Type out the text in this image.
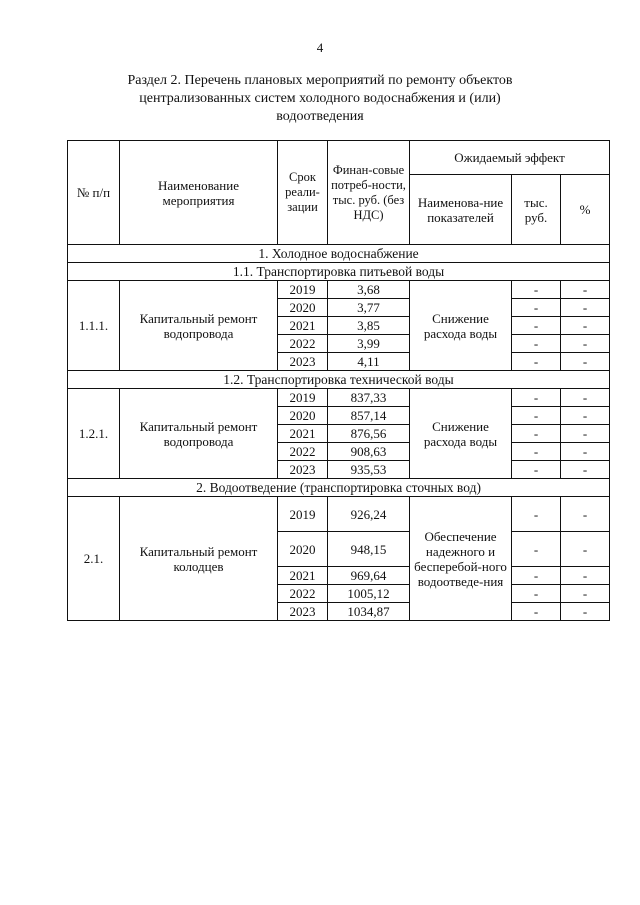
4
Раздел 2. Перечень плановых мероприятий по ремонту объектов
централизованных систем холодного водоснабжения и (или)
водоотведения
№ п/п	Наименование мероприятия	Срок реали-зации	Финан-совые потреб-ности, тыс. руб. (без НДС)	Ожидаемый эффект		
				Наименова-ние показателей	тыс. руб.	%
1. Холодное водоснабжение						
1.1. Транспортировка питьевой воды						
1.1.1.	Капитальный ремонт водопровода	2019	3,68	Снижение расхода воды	-	-
		2020	3,77		-	-
		2021	3,85		-	-
		2022	3,99		-	-
		2023	4,11		-	-
1.2. Транспортировка технической воды						
1.2.1.	Капитальный ремонт водопровода	2019	837,33	Снижение расхода воды	-	-
		2020	857,14		-	-
		2021	876,56		-	-
		2022	908,63		-	-
		2023	935,53		-	-
2. Водоотведение (транспортировка сточных вод)						
2.1.	Капитальный ремонт колодцев	2019	926,24	Обеспечение надежного и бесперебой-ного водоотведе-ния	-	-
		2020	948,15		-	-
		2021	969,64		-	-
		2022	1005,12		-	-
		2023	1034,87		-	-
